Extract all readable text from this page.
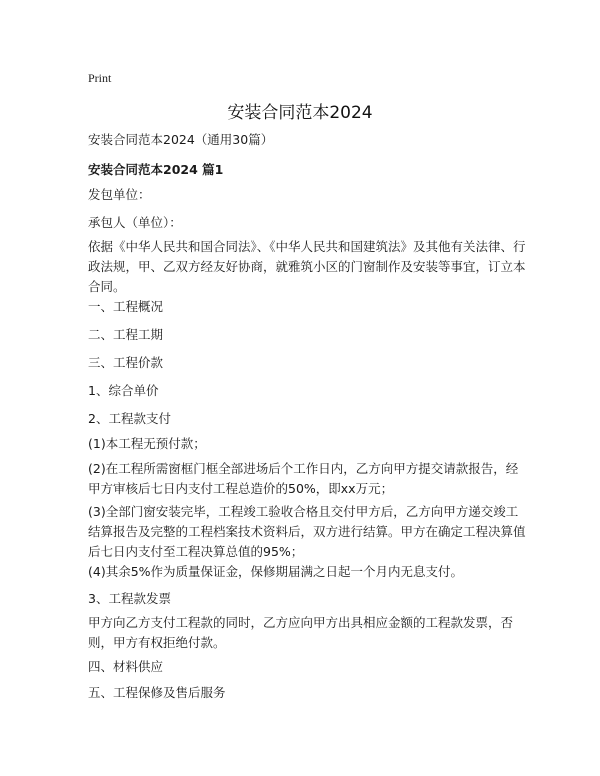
Print
安装合同范本2024
安装合同范本2024（通用30篇）
安装合同范本2024 篇1
发包单位：
承包人（单位）：
依据《中华人民共和国合同法》、《中华人民共和国建筑法》及其他有关法律、行政法规，甲、乙双方经友好协商，就雅筑小区的门窗制作及安装等事宜，订立本合同。
一、工程概况
二、工程工期
三、工程价款
1、综合单价
2、工程款支付
(1)本工程无预付款；
(2)在工程所需窗框门框全部进场后个工作日内，乙方向甲方提交请款报告，经甲方审核后七日内支付工程总造价的50%，即xx万元；
(3)全部门窗安装完毕，工程竣工验收合格且交付甲方后，乙方向甲方递交竣工结算报告及完整的工程档案技术资料后，双方进行结算。甲方在确定工程决算值后七日内支付至工程决算总值的95%；
(4)其余5%作为质量保证金，保修期届满之日起一个月内无息支付。
3、工程款发票
甲方向乙方支付工程款的同时，乙方应向甲方出具相应金额的工程款发票，否则，甲方有权拒绝付款。
四、材料供应
五、工程保修及售后服务
